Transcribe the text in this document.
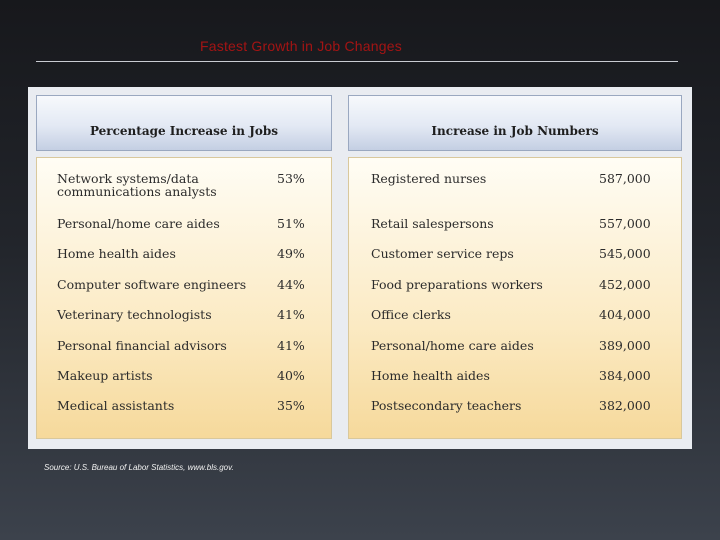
Fastest Growth in Job Changes
Percentage Increase in Jobs
Network systems/data
communications analysts
53%
Personal/home care aides	51%
Home health aides	49%
Computer software engineers 44%
Veterinary technologists	41%
Personal financial advisors	41%
Makeup artists	40%
Medical assistants	35%
Increase in Job Numbers
Registered nurses	587,000
Retail salespersons	557,000
Customer service reps	545,000
Food preparations workers	452,000
Office clerks	404,000
Personal/home care aides	389,000
Home health aides	384,000
Postsecondary teachers	382,000
Source: U.S. Bureau of Labor Statistics, www.bls.gov.
